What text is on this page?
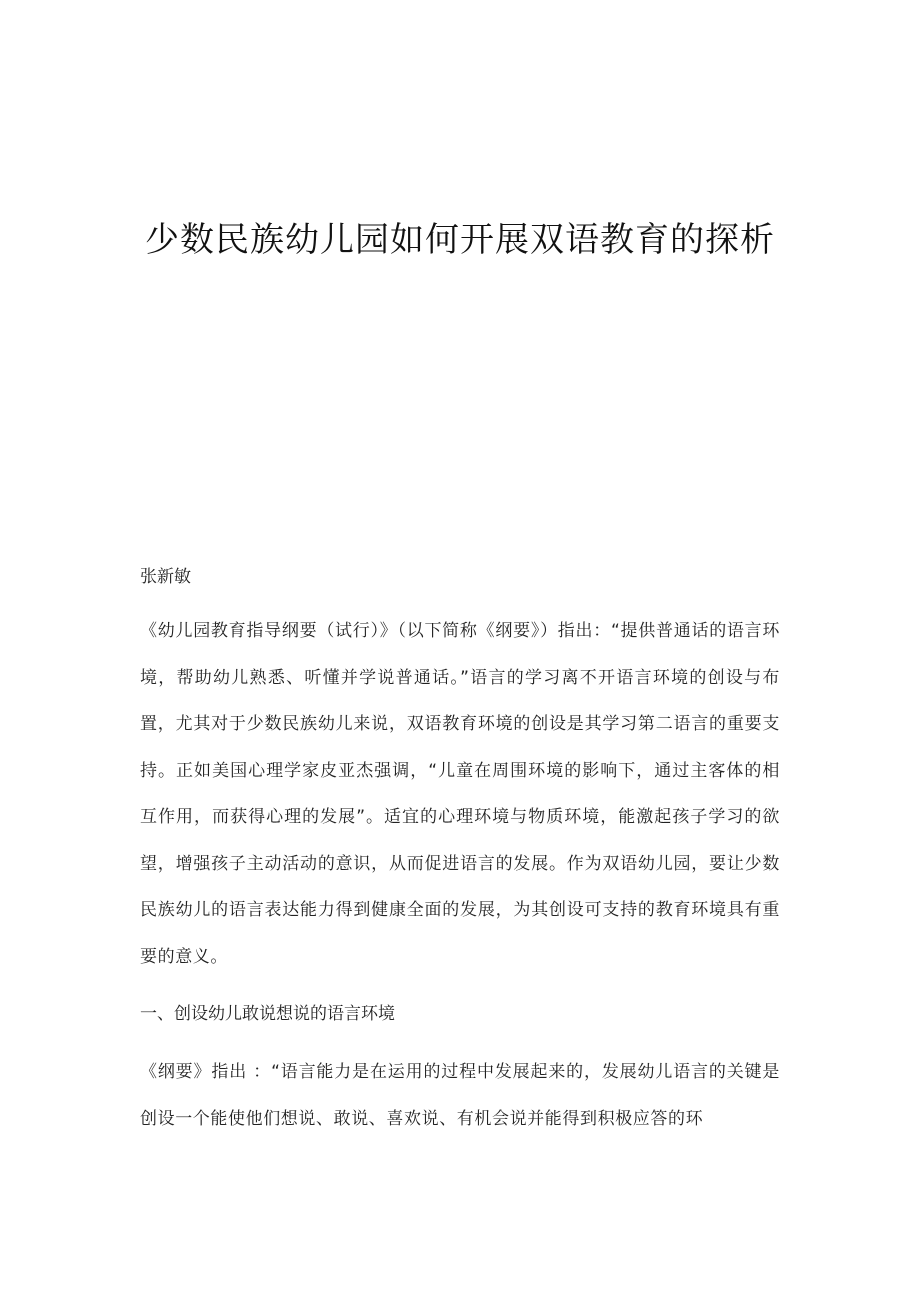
少数民族幼儿园如何开展双语教育的探析

张新敏

《幼儿园教育指导纲要（试行）》（以下简称《纲要》）指出：“提供普通话的语言环境，帮助幼儿熟悉、听懂并学说普通话。”语言的学习离不开语言环境的创设与布置，尤其对于少数民族幼儿来说，双语教育环境的创设是其学习第二语言的重要支持。正如美国心理学家皮亚杰强调，“儿童在周围环境的影响下，通过主客体的相互作用，而获得心理的发展”。适宜的心理环境与物质环境，能激起孩子学习的欲望，增强孩子主动活动的意识，从而促进语言的发展。作为双语幼儿园，要让少数民族幼儿的语言表达能力得到健康全面的发展，为其创设可支持的教育环境具有重要的意义。

一、创设幼儿敢说想说的语言环境

《纲要》指出 ：“语言能力是在运用的过程中发展起来的，发展幼儿语言的关键是创设一个能使他们想说、敢说、喜欢说、有机会说并能得到积极应答的环
